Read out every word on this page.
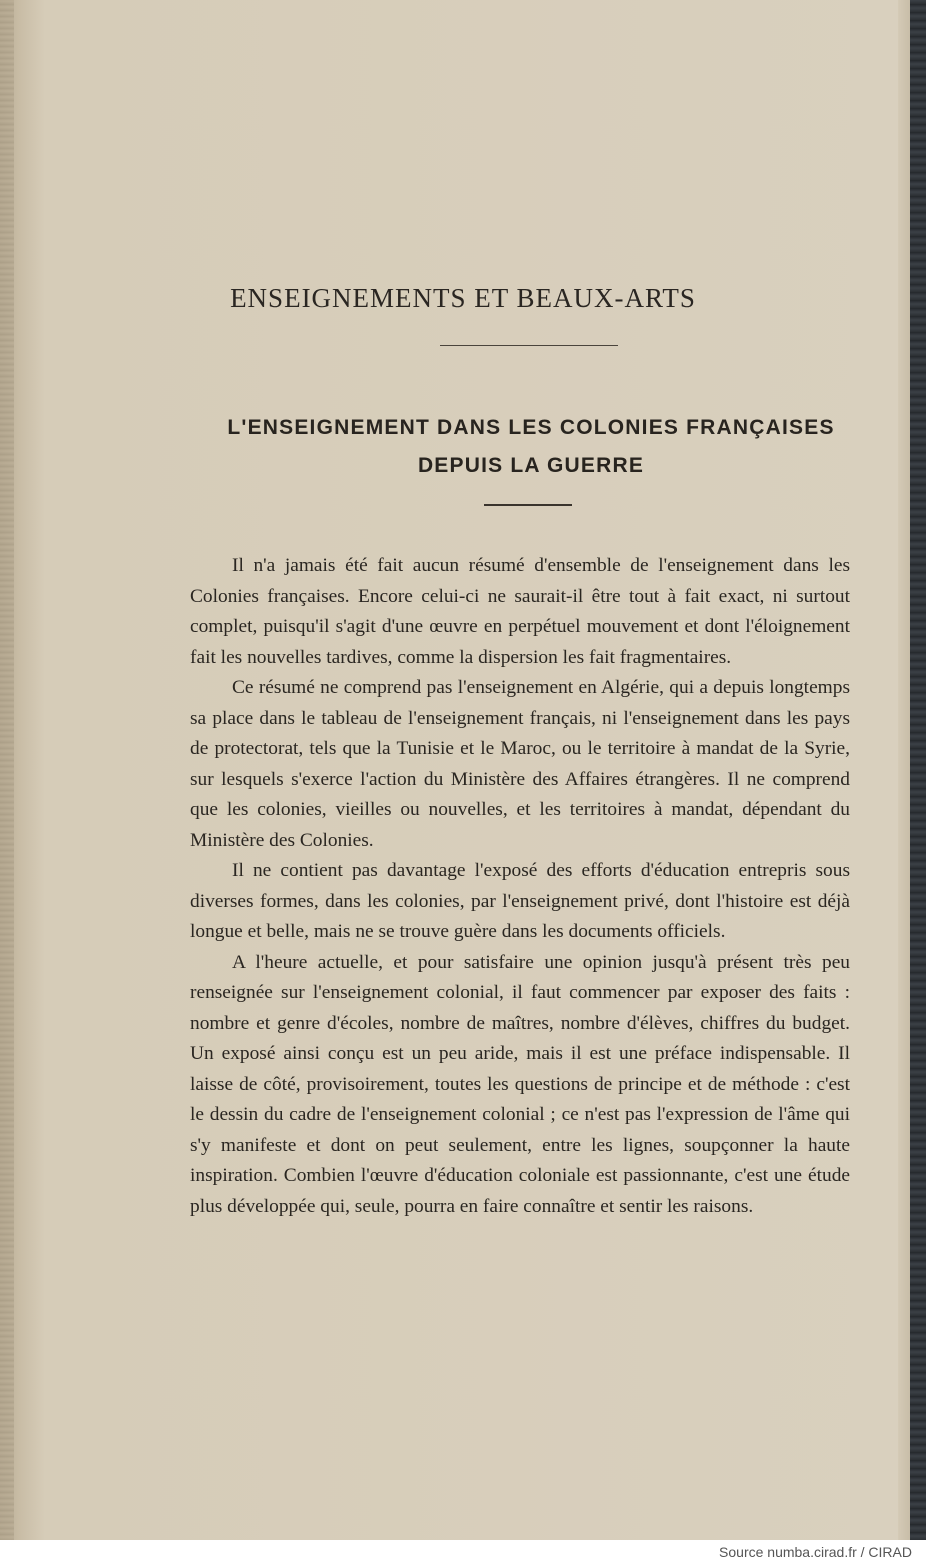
ENSEIGNEMENTS ET BEAUX-ARTS
L'ENSEIGNEMENT DANS LES COLONIES FRANÇAISES
DEPUIS LA GUERRE

Il n'a jamais été fait aucun résumé d'ensemble de l'enseignement dans les Colonies françaises. Encore celui-ci ne saurait-il être tout à fait exact, ni surtout complet, puisqu'il s'agit d'une œuvre en perpétuel mouvement et dont l'éloignement fait les nouvelles tardives, comme la dispersion les fait fragmentaires.

Ce résumé ne comprend pas l'enseignement en Algérie, qui a depuis longtemps sa place dans le tableau de l'enseignement français, ni l'enseignement dans les pays de protectorat, tels que la Tunisie et le Maroc, ou le territoire à mandat de la Syrie, sur lesquels s'exerce l'action du Ministère des Affaires étrangères. Il ne comprend que les colonies, vieilles ou nouvelles, et les territoires à mandat, dépendant du Ministère des Colonies.

Il ne contient pas davantage l'exposé des efforts d'éducation entrepris sous diverses formes, dans les colonies, par l'enseignement privé, dont l'histoire est déjà longue et belle, mais ne se trouve guère dans les documents officiels.

A l'heure actuelle, et pour satisfaire une opinion jusqu'à présent très peu renseignée sur l'enseignement colonial, il faut commencer par exposer des faits : nombre et genre d'écoles, nombre de maîtres, nombre d'élèves, chiffres du budget. Un exposé ainsi conçu est un peu aride, mais il est une préface indispensable. Il laisse de côté, provisoirement, toutes les questions de principe et de méthode : c'est le dessin du cadre de l'enseignement colonial ; ce n'est pas l'expression de l'âme qui s'y manifeste et dont on peut seulement, entre les lignes, soupçonner la haute inspiration. Combien l'œuvre d'éducation coloniale est passionnante, c'est une étude plus développée qui, seule, pourra en faire connaître et sentir les raisons.

Source numba.cirad.fr / CIRAD
